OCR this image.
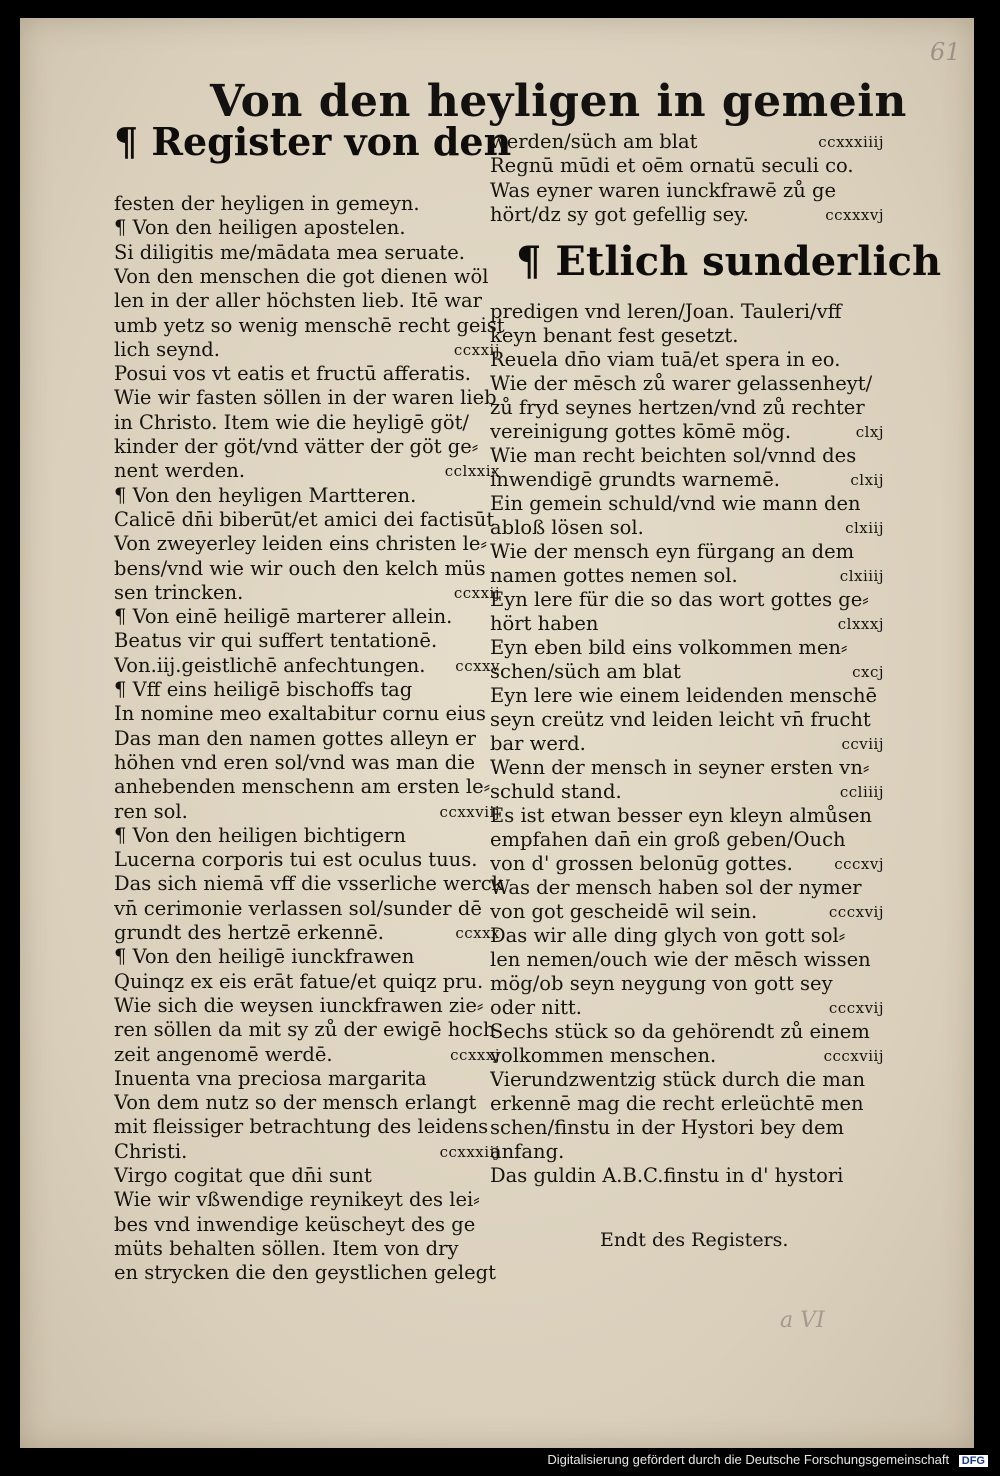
61
Von den heyligen in gemein
¶ Register von den
festen der heyligen in gemeyn.
¶ Von den heiligen apostelen.
Si diligitis me/mādata mea seruate.
Von den menschen die got dienen wöl
len in der aller höchsten lieb. Itē war
umb yetz so wenig menschē recht geist
lich seynd.	ccxxij
Posui vos vt eatis et fructū afferatis.
Wie wir fasten söllen in der waren lieb
in Christo. Item wie die heyligē göt/
kinder der göt/vnd vätter der göt ge⸗
nent werden.	cclxxix
¶ Von den heyligen Martteren.
Calicē dn̄i biberūt/et amici dei factisūt
Von zweyerley leiden eins christen le⸗
bens/vnd wie wir ouch den kelch müs
sen trincken.	ccxxij
¶ Von einē heiligē marterer allein.
Beatus vir qui suffert tentationē.
Von.iij.geistlichē anfechtungen. ccxxv
¶ Vff eins heiligē bischoffs tag
In nomine meo exaltabitur cornu eius
Das man den namen gottes alleyn er
höhen vnd eren sol/vnd was man die
anhebenden menschenn am ersten le⸗
ren sol.	ccxxviij
¶ Von den heiligen bichtigern
Lucerna corporis tui est oculus tuus.
Das sich niemā vff die vsserliche werck
vn̄ cerimonie verlassen sol/sunder dē
grundt des hertzē erkennē.	ccxxx
¶ Von den heiligē iunckfrawen
Quinqz ex eis erāt fatue/et quiqz pru.
Wie sich die weysen iunckfrawen zie⸗
ren söllen da mit sy zů der ewigē hoch
zeit angenomē werdē.	ccxxxj
Inuenta vna preciosa margarita
Von dem nutz so der mensch erlangt
mit fleissiger betrachtung des leidens
Christi.	ccxxxiij
Virgo cogitat que dn̄i sunt
Wie wir vßwendige reynikeyt des lei⸗
bes vnd inwendige keüscheyt des ge
müts behalten söllen. Item von dry
en strycken die den geystlichen gelegt
¶ Etlich sunderlich
Endt des Registers.
werden/süch am blat	ccxxxiiij
Regnū mūdi et oēm ornatū seculi co.
Was eyner waren iunckfrawē zů ge
hört/dz sy got gefellig sey.	ccxxxvj
predigen vnd leren/Joan. Tauleri/vff
keyn benant fest gesetzt.
Reuela dn̄o viam tuā/et spera in eo.
Wie der mēsch zů warer gelassenheyt/
zů fryd seynes hertzen/vnd zů rechter
vereinigung gottes kōmē mög.	clxj
Wie man recht beichten sol/vnnd des
inwendigē grundts warnemē.	clxij
Ein gemein schuld/vnd wie mann den
abloß lösen sol.	clxiij
Wie der mensch eyn fürgang an dem
namen gottes nemen sol.	clxiiij
Eyn lere für die so das wort gottes ge⸗
hört haben	clxxxj
Eyn eben bild eins volkommen men⸗
schen/süch am blat	cxcj
Eyn lere wie einem leidenden menschē
seyn creütz vnd leiden leicht vn̄ frucht
bar werd.	ccviij
Wenn der mensch in seyner ersten vn⸗
schuld stand.	ccliiij
Es ist etwan besser eyn kleyn almůsen
empfahen dan̄ ein groß geben/Ouch
von d' grossen belonūg gottes.	cccxvj
Was der mensch haben sol der nymer
von got gescheidē wil sein.	cccxvij
Das wir alle ding glych von gott sol⸗
len nemen/ouch wie der mēsch wissen
mög/ob seyn neygung von gott sey
oder nitt.	cccxvij
Sechs stück so da gehörendt zů einem
volkommen menschen.	cccxviij
Vierundzwentzig stück durch die man
erkennē mag die recht erleüchtē men
schen/finstu in der Hystori bey dem
anfang.
Das guldin A.B.C.finstu in d' hystori
a VI
Digitalisierung gefördert durch die Deutsche Forschungsgemeinschaft DFG
